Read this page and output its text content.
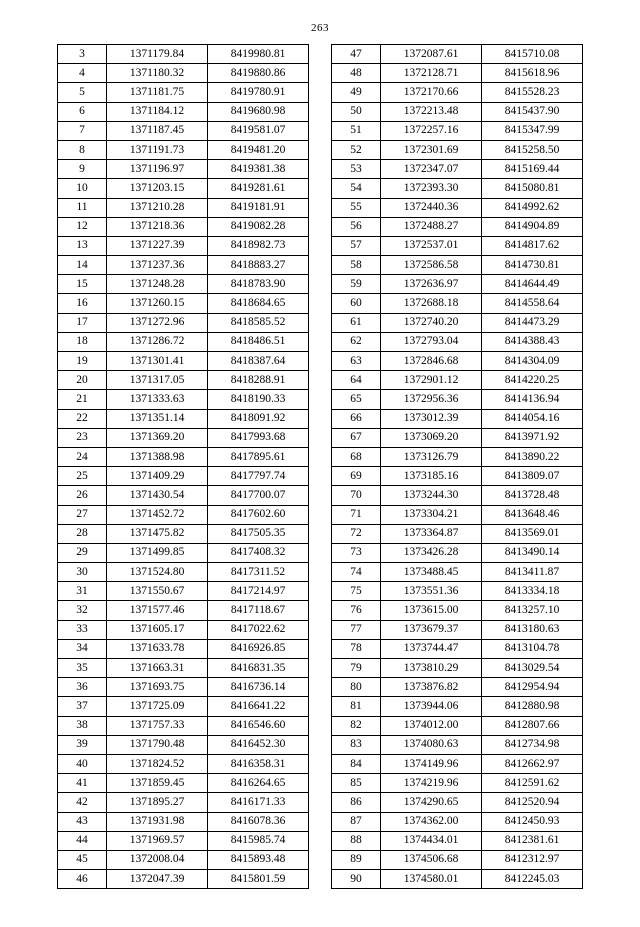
263
3	1371179.84	8419980.81
4	1371180.32	8419880.86
5	1371181.75	8419780.91
6	1371184.12	8419680.98
7	1371187.45	8419581.07
8	1371191.73	8419481.20
9	1371196.97	8419381.38
10	1371203.15	8419281.61
11	1371210.28	8419181.91
12	1371218.36	8419082.28
13	1371227.39	8418982.73
14	1371237.36	8418883.27
15	1371248.28	8418783.90
16	1371260.15	8418684.65
17	1371272.96	8418585.52
18	1371286.72	8418486.51
19	1371301.41	8418387.64
20	1371317.05	8418288.91
21	1371333.63	8418190.33
22	1371351.14	8418091.92
23	1371369.20	8417993.68
24	1371388.98	8417895.61
25	1371409.29	8417797.74
26	1371430.54	8417700.07
27	1371452.72	8417602.60
28	1371475.82	8417505.35
29	1371499.85	8417408.32
30	1371524.80	8417311.52
31	1371550.67	8417214.97
32	1371577.46	8417118.67
33	1371605.17	8417022.62
34	1371633.78	8416926.85
35	1371663.31	8416831.35
36	1371693.75	8416736.14
37	1371725.09	8416641.22
38	1371757.33	8416546.60
39	1371790.48	8416452.30
40	1371824.52	8416358.31
41	1371859.45	8416264.65
42	1371895.27	8416171.33
43	1371931.98	8416078.36
44	1371969.57	8415985.74
45	1372008.04	8415893.48
46	1372047.39	8415801.59
47	1372087.61	8415710.08
48	1372128.71	8415618.96
49	1372170.66	8415528.23
50	1372213.48	8415437.90
51	1372257.16	8415347.99
52	1372301.69	8415258.50
53	1372347.07	8415169.44
54	1372393.30	8415080.81
55	1372440.36	8414992.62
56	1372488.27	8414904.89
57	1372537.01	8414817.62
58	1372586.58	8414730.81
59	1372636.97	8414644.49
60	1372688.18	8414558.64
61	1372740.20	8414473.29
62	1372793.04	8414388.43
63	1372846.68	8414304.09
64	1372901.12	8414220.25
65	1372956.36	8414136.94
66	1373012.39	8414054.16
67	1373069.20	8413971.92
68	1373126.79	8413890.22
69	1373185.16	8413809.07
70	1373244.30	8413728.48
71	1373304.21	8413648.46
72	1373364.87	8413569.01
73	1373426.28	8413490.14
74	1373488.45	8413411.87
75	1373551.36	8413334.18
76	1373615.00	8413257.10
77	1373679.37	8413180.63
78	1373744.47	8413104.78
79	1373810.29	8413029.54
80	1373876.82	8412954.94
81	1373944.06	8412880.98
82	1374012.00	8412807.66
83	1374080.63	8412734.98
84	1374149.96	8412662.97
85	1374219.96	8412591.62
86	1374290.65	8412520.94
87	1374362.00	8412450.93
88	1374434.01	8412381.61
89	1374506.68	8412312.97
90	1374580.01	8412245.03
